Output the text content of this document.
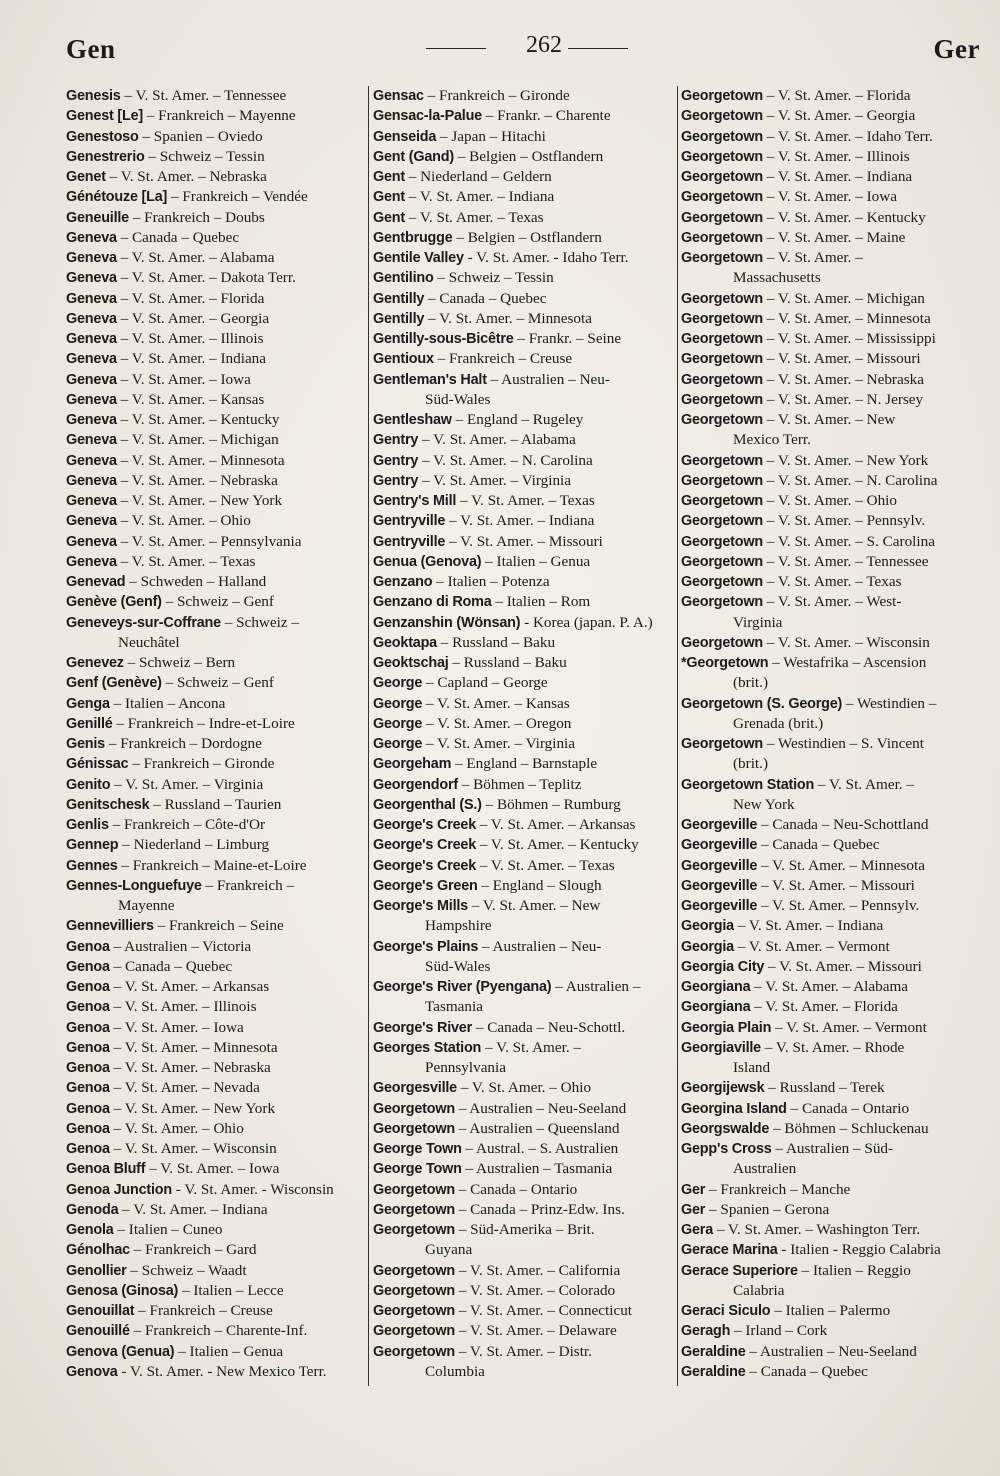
Gen	262	Ger
Genesis – V. St. Amer. – Tennessee
Genest [Le] – Frankreich – Mayenne
Genestoso – Spanien – Oviedo
Genestrerio – Schweiz – Tessin
Genet – V. St. Amer. – Nebraska
Génétouze [La] – Frankreich – Vendée
Geneuille – Frankreich – Doubs
Geneva – Canada – Quebec
Geneva – V. St. Amer. – Alabama
Geneva – V. St. Amer. – Dakota Terr.
Geneva – V. St. Amer. – Florida
Geneva – V. St. Amer. – Georgia
Geneva – V. St. Amer. – Illinois
Geneva – V. St. Amer. – Indiana
Geneva – V. St. Amer. – Iowa
Geneva – V. St. Amer. – Kansas
Geneva – V. St. Amer. – Kentucky
Geneva – V. St. Amer. – Michigan
Geneva – V. St. Amer. – Minnesota
Geneva – V. St. Amer. – Nebraska
Geneva – V. St. Amer. – New York
Geneva – V. St. Amer. – Ohio
Geneva – V. St. Amer. – Pennsylvania
Geneva – V. St. Amer. – Texas
Genevad – Schweden – Halland
Genève (Genf) – Schweiz – Genf
Geneveys-sur-Coffrane – Schweiz –
Neuchâtel
Genevez – Schweiz – Bern
Genf (Genève) – Schweiz – Genf
Genga – Italien – Ancona
Genillé – Frankreich – Indre-et-Loire
Genis – Frankreich – Dordogne
Génissac – Frankreich – Gironde
Genito – V. St. Amer. – Virginia
Genitschesk – Russland – Taurien
Genlis – Frankreich – Côte-d'Or
Gennep – Niederland – Limburg
Gennes – Frankreich – Maine-et-Loire
Gennes-Longuefuye – Frankreich –
Mayenne
Gennevilliers – Frankreich – Seine
Genoa – Australien – Victoria
Genoa – Canada – Quebec
Genoa – V. St. Amer. – Arkansas
Genoa – V. St. Amer. – Illinois
Genoa – V. St. Amer. – Iowa
Genoa – V. St. Amer. – Minnesota
Genoa – V. St. Amer. – Nebraska
Genoa – V. St. Amer. – Nevada
Genoa – V. St. Amer. – New York
Genoa – V. St. Amer. – Ohio
Genoa – V. St. Amer. – Wisconsin
Genoa Bluff – V. St. Amer. – Iowa
Genoa Junction - V. St. Amer. - Wisconsin
Genoda – V. St. Amer. – Indiana
Genola – Italien – Cuneo
Génolhac – Frankreich – Gard
Genollier – Schweiz – Waadt
Genosa (Ginosa) – Italien – Lecce
Genouillat – Frankreich – Creuse
Genouillé – Frankreich – Charente-Inf.
Genova (Genua) – Italien – Genua
Genova - V. St. Amer. - New Mexico Terr.
Gensac – Frankreich – Gironde
Gensac-la-Palue – Frankr. – Charente
Genseida – Japan – Hitachi
Gent (Gand) – Belgien – Ostflandern
Gent – Niederland – Geldern
Gent – V. St. Amer. – Indiana
Gent – V. St. Amer. – Texas
Gentbrugge – Belgien – Ostflandern
Gentile Valley - V. St. Amer. - Idaho Terr.
Gentilino – Schweiz – Tessin
Gentilly – Canada – Quebec
Gentilly – V. St. Amer. – Minnesota
Gentilly-sous-Bicêtre – Frankr. – Seine
Gentioux – Frankreich – Creuse
Gentleman's Halt – Australien – Neu-
Süd-Wales
Gentleshaw – England – Rugeley
Gentry – V. St. Amer. – Alabama
Gentry – V. St. Amer. – N. Carolina
Gentry – V. St. Amer. – Virginia
Gentry's Mill – V. St. Amer. – Texas
Gentryville – V. St. Amer. – Indiana
Gentryville – V. St. Amer. – Missouri
Genua (Genova) – Italien – Genua
Genzano – Italien – Potenza
Genzano di Roma – Italien – Rom
Genzanshin (Wönsan) - Korea (japan. P. A.)
Geoktapa – Russland – Baku
Geoktschaj – Russland – Baku
George – Capland – George
George – V. St. Amer. – Kansas
George – V. St. Amer. – Oregon
George – V. St. Amer. – Virginia
Georgeham – England – Barnstaple
Georgendorf – Böhmen – Teplitz
Georgenthal (S.) – Böhmen – Rumburg
George's Creek – V. St. Amer. – Arkansas
George's Creek – V. St. Amer. – Kentucky
George's Creek – V. St. Amer. – Texas
George's Green – England – Slough
George's Mills – V. St. Amer. – New
Hampshire
George's Plains – Australien – Neu-
Süd-Wales
George's River (Pyengana) – Australien –
Tasmania
George's River – Canada – Neu-Schottl.
Georges Station – V. St. Amer. –
Pennsylvania
Georgesville – V. St. Amer. – Ohio
Georgetown – Australien – Neu-Seeland
Georgetown – Australien – Queensland
George Town – Austral. – S. Australien
George Town – Australien – Tasmania
Georgetown – Canada – Ontario
Georgetown – Canada – Prinz-Edw. Ins.
Georgetown – Süd-Amerika – Brit.
Guyana
Georgetown – V. St. Amer. – California
Georgetown – V. St. Amer. – Colorado
Georgetown – V. St. Amer. – Connecticut
Georgetown – V. St. Amer. – Delaware
Georgetown – V. St. Amer. – Distr.
Columbia
Georgetown – V. St. Amer. – Florida
Georgetown – V. St. Amer. – Georgia
Georgetown – V. St. Amer. – Idaho Terr.
Georgetown – V. St. Amer. – Illinois
Georgetown – V. St. Amer. – Indiana
Georgetown – V. St. Amer. – Iowa
Georgetown – V. St. Amer. – Kentucky
Georgetown – V. St. Amer. – Maine
Georgetown – V. St. Amer. –
Massachusetts
Georgetown – V. St. Amer. – Michigan
Georgetown – V. St. Amer. – Minnesota
Georgetown – V. St. Amer. – Mississippi
Georgetown – V. St. Amer. – Missouri
Georgetown – V. St. Amer. – Nebraska
Georgetown – V. St. Amer. – N. Jersey
Georgetown – V. St. Amer. – New
Mexico Terr.
Georgetown – V. St. Amer. – New York
Georgetown – V. St. Amer. – N. Carolina
Georgetown – V. St. Amer. – Ohio
Georgetown – V. St. Amer. – Pennsylv.
Georgetown – V. St. Amer. – S. Carolina
Georgetown – V. St. Amer. – Tennessee
Georgetown – V. St. Amer. – Texas
Georgetown – V. St. Amer. – West-
Virginia
Georgetown – V. St. Amer. – Wisconsin
*Georgetown – Westafrika – Ascension
(brit.)
Georgetown (S. George) – Westindien –
Grenada (brit.)
Georgetown – Westindien – S. Vincent
(brit.)
Georgetown Station – V. St. Amer. –
New York
Georgeville – Canada – Neu-Schottland
Georgeville – Canada – Quebec
Georgeville – V. St. Amer. – Minnesota
Georgeville – V. St. Amer. – Missouri
Georgeville – V. St. Amer. – Pennsylv.
Georgia – V. St. Amer. – Indiana
Georgia – V. St. Amer. – Vermont
Georgia City – V. St. Amer. – Missouri
Georgiana – V. St. Amer. – Alabama
Georgiana – V. St. Amer. – Florida
Georgia Plain – V. St. Amer. – Vermont
Georgiaville – V. St. Amer. – Rhode
Island
Georgijewsk – Russland – Terek
Georgina Island – Canada – Ontario
Georgswalde – Böhmen – Schluckenau
Gepp's Cross – Australien – Süd-
Australien
Ger – Frankreich – Manche
Ger – Spanien – Gerona
Gera – V. St. Amer. – Washington Terr.
Gerace Marina - Italien - Reggio Calabria
Gerace Superiore – Italien – Reggio
Calabria
Geraci Siculo – Italien – Palermo
Geragh – Irland – Cork
Geraldine – Australien – Neu-Seeland
Geraldine – Canada – Quebec
